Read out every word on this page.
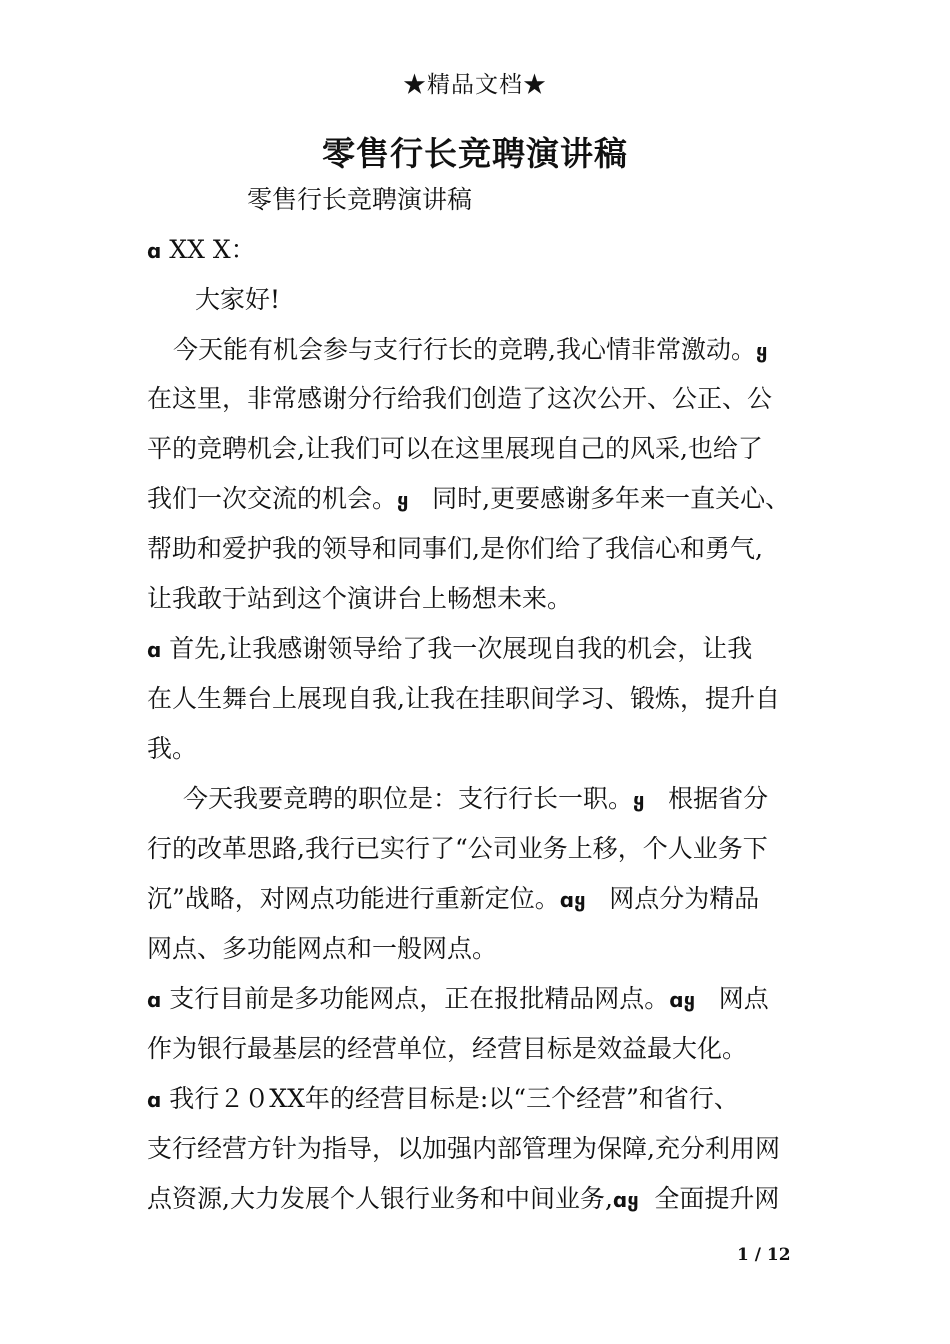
★精品文档★
零售行长竞聘演讲稿
零售行长竞聘演讲稿
ɑ XX X：
大家好!
今天能有机会参与支行行长的竞聘,我心情非常激动。ყ
在这里，非常感谢分行给我们创造了这次公开、公正、公
平的竞聘机会,让我们可以在这里展现自己的风采,也给了
我们一次交流的机会。ყ   同时,更要感谢多年来一直关心、
帮助和爱护我的领导和同事们,是你们给了我信心和勇气,
让我敢于站到这个演讲台上畅想未来。
ɑ 首先,让我感谢领导给了我一次展现自我的机会，让我
在人生舞台上展现自我,让我在挂职间学习、锻炼，提升自
我。
今天我要竞聘的职位是：支行行长一职。ყ   根据省分
行的改革思路,我行已实行了“公司业务上移，个人业务下
沉”战略，对网点功能进行重新定位。ɑყ   网点分为精品
网点、多功能网点和一般网点。
ɑ 支行目前是多功能网点，正在报批精品网点。ɑყ   网点
作为银行最基层的经营单位，经营目标是效益最大化。
ɑ 我行２０XX年的经营目标是:以“三个经营”和省行、
支行经营方针为指导，以加强内部管理为保障,充分利用网
点资源,大力发展个人银行业务和中间业务,ɑყ  全面提升网
1 / 12
